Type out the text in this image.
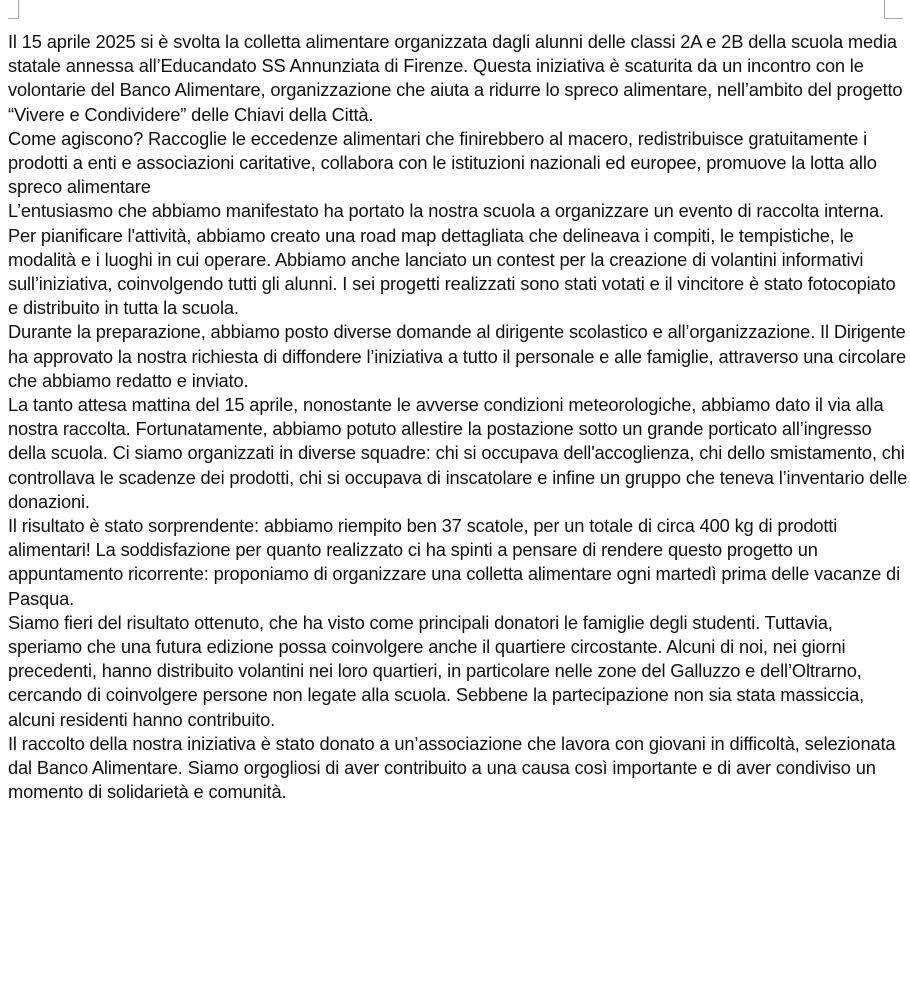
Il 15 aprile 2025 si è svolta la colletta alimentare organizzata dagli alunni delle classi 2A e 2B della scuola media statale annessa all’Educandato SS Annunziata di Firenze. Questa iniziativa è scaturita da un incontro con le volontarie del Banco Alimentare, organizzazione che aiuta a ridurre lo spreco alimentare, nell’ambito del progetto “Vivere e Condividere” delle Chiavi della Città.

Come agiscono? Raccoglie le eccedenze alimentari che finirebbero al macero, redistribuisce gratuitamente i prodotti a enti e associazioni caritative, collabora con le istituzioni nazionali ed europee, promuove la lotta allo spreco alimentare

L’entusiasmo che abbiamo manifestato ha portato la nostra scuola a organizzare un evento di raccolta interna.

Per pianificare l'attività, abbiamo creato una road map dettagliata che delineava i compiti, le tempistiche, le modalità e i luoghi in cui operare. Abbiamo anche lanciato un contest per la creazione di volantini informativi sull’iniziativa, coinvolgendo tutti gli alunni. I sei progetti realizzati sono stati votati e il vincitore è stato fotocopiato e distribuito in tutta la scuola.

Durante la preparazione, abbiamo posto diverse domande al dirigente scolastico e all’organizzazione. Il Dirigente ha approvato la nostra richiesta di diffondere l’iniziativa a tutto il personale e alle famiglie, attraverso una circolare che abbiamo redatto e inviato.

La tanto attesa mattina del 15 aprile, nonostante le avverse condizioni meteorologiche, abbiamo dato il via alla nostra raccolta. Fortunatamente, abbiamo potuto allestire la postazione sotto un grande porticato all’ingresso della scuola. Ci siamo organizzati in diverse squadre: chi si occupava dell'accoglienza, chi dello smistamento, chi controllava le scadenze dei prodotti, chi si occupava di inscatolare e infine un gruppo che teneva l’inventario delle donazioni.

Il risultato è stato sorprendente: abbiamo riempito ben 37 scatole, per un totale di circa 400 kg di prodotti alimentari! La soddisfazione per quanto realizzato ci ha spinti a pensare di rendere questo progetto un appuntamento ricorrente: proponiamo di organizzare una colletta alimentare ogni martedì prima delle vacanze di Pasqua.

Siamo fieri del risultato ottenuto, che ha visto come principali donatori le famiglie degli studenti. Tuttavia, speriamo che una futura edizione possa coinvolgere anche il quartiere circostante. Alcuni di noi, nei giorni precedenti, hanno distribuito volantini nei loro quartieri, in particolare nelle zone del Galluzzo e dell’Oltrarno, cercando di coinvolgere persone non legate alla scuola. Sebbene la partecipazione non sia stata massiccia, alcuni residenti hanno contribuito.

Il raccolto della nostra iniziativa è stato donato a un’associazione che lavora con giovani in difficoltà, selezionata dal Banco Alimentare. Siamo orgogliosi di aver contribuito a una causa così importante e di aver condiviso un momento di solidarietà e comunità.
